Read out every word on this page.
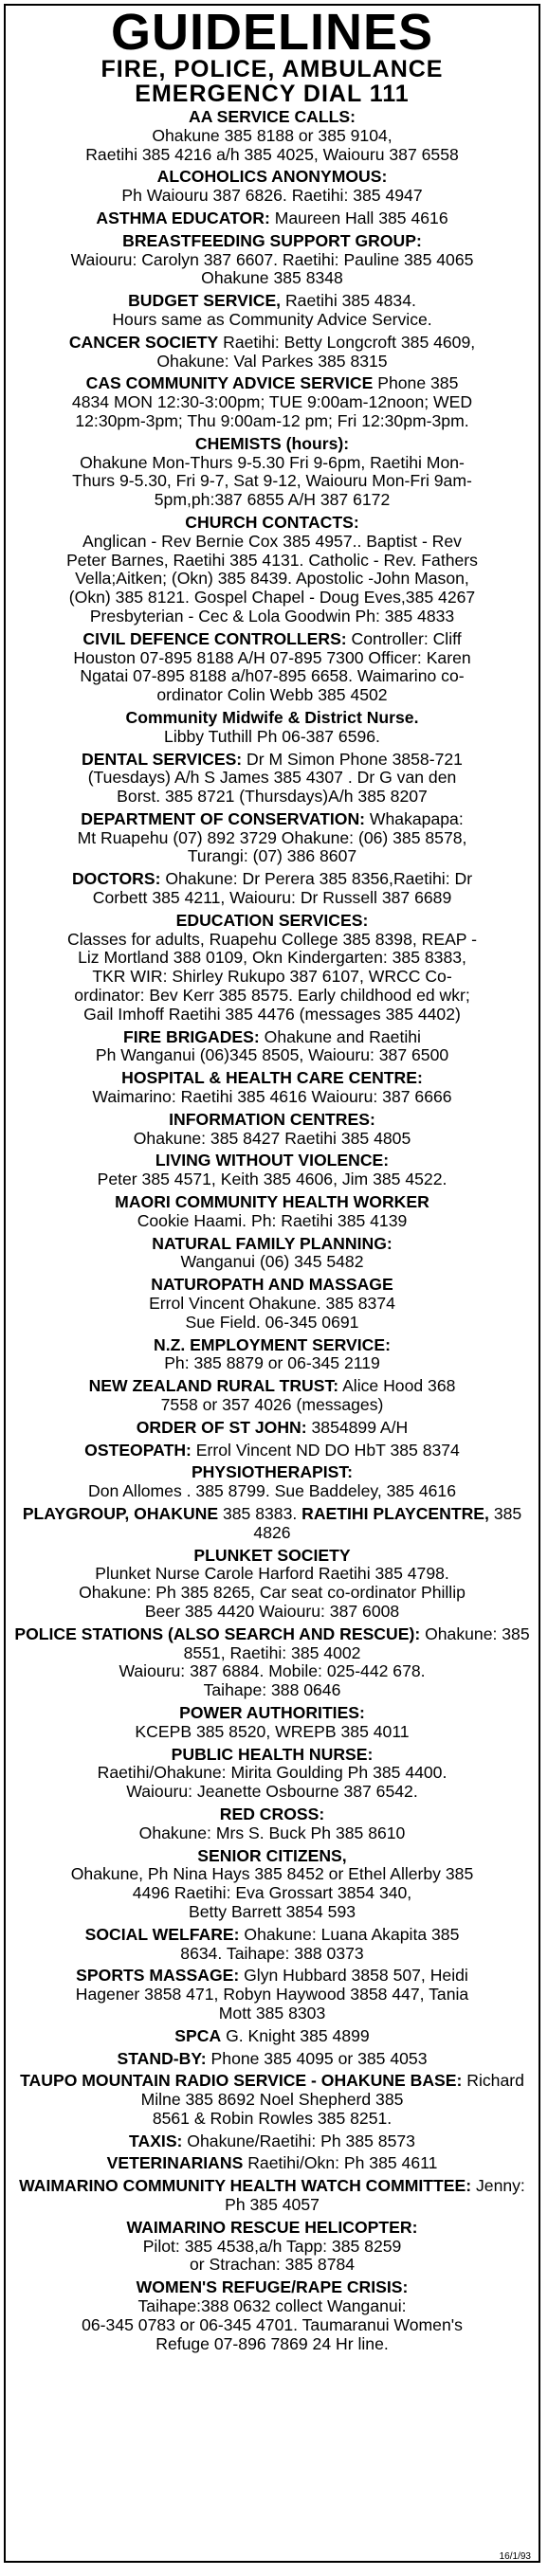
GUIDELINES
FIRE, POLICE, AMBULANCE
EMERGENCY DIAL 111
AA SERVICE CALLS:
Ohakune 385 8188 or 385 9104,
Raetihi 385 4216 a/h 385 4025, Waiouru 387 6558
ALCOHOLICS ANONYMOUS:
Ph Waiouru 387 6826. Raetihi: 385 4947
ASTHMA EDUCATOR: Maureen Hall 385 4616
BREASTFEEDING SUPPORT GROUP:
Waiouru: Carolyn 387 6607. Raetihi: Pauline 385 4065
Ohakune 385 8348
BUDGET SERVICE, Raetihi 385 4834.
Hours same as Community Advice Service.
CANCER SOCIETY Raetihi: Betty Longcroft 385 4609,
Ohakune: Val Parkes 385 8315
CAS COMMUNITY ADVICE SERVICE Phone 385
4834 MON 12:30-3:00pm; TUE 9:00am-12noon; WED
12:30pm-3pm; Thu 9:00am-12 pm; Fri 12:30pm-3pm.
CHEMISTS (hours):
Ohakune Mon-Thurs 9-5.30 Fri 9-6pm, Raetihi Mon-
Thurs 9-5.30, Fri 9-7, Sat 9-12, Waiouru Mon-Fri 9am-
5pm,ph:387 6855 A/H 387 6172
CHURCH CONTACTS:
Anglican - Rev Bernie Cox 385 4957.. Baptist - Rev
Peter Barnes, Raetihi 385 4131. Catholic - Rev. Fathers
Vella;Aitken; (Okn) 385 8439. Apostolic -John Mason,
(Okn) 385 8121. Gospel Chapel - Doug Eves,385 4267
Presbyterian - Cec & Lola Goodwin Ph: 385 4833
CIVIL DEFENCE CONTROLLERS: Controller: Cliff
Houston 07-895 8188 A/H 07-895 7300 Officer: Karen
Ngatai 07-895 8188 a/h07-895 6658. Waimarino co-
ordinator Colin Webb 385 4502
Community Midwife & District Nurse.
Libby Tuthill Ph 06-387 6596.
DENTAL SERVICES: Dr M Simon Phone 3858-721
(Tuesdays) A/h S James 385 4307 . Dr G van den
Borst. 385 8721 (Thursdays)A/h 385 8207
DEPARTMENT OF CONSERVATION: Whakapapa:
Mt Ruapehu (07) 892 3729 Ohakune: (06) 385 8578,
Turangi: (07) 386 8607
DOCTORS: Ohakune: Dr Perera 385 8356,Raetihi: Dr
Corbett 385 4211, Waiouru: Dr Russell 387 6689
EDUCATION SERVICES:
Classes for adults, Ruapehu College 385 8398, REAP -
Liz Mortland 388 0109, Okn Kindergarten: 385 8383,
TKR WIR: Shirley Rukupo 387 6107, WRCC Co-
ordinator: Bev Kerr 385 8575. Early childhood ed wkr;
Gail Imhoff Raetihi 385 4476 (messages 385 4402)
FIRE BRIGADES: Ohakune and Raetihi
Ph Wanganui (06)345 8505, Waiouru: 387 6500
HOSPITAL & HEALTH CARE CENTRE:
Waimarino: Raetihi 385 4616 Waiouru: 387 6666
INFORMATION CENTRES:
Ohakune: 385 8427 Raetihi 385 4805
LIVING WITHOUT VIOLENCE:
Peter 385 4571, Keith 385 4606, Jim 385 4522.
MAORI COMMUNITY HEALTH WORKER
Cookie Haami. Ph: Raetihi 385 4139
NATURAL FAMILY PLANNING:
Wanganui (06) 345 5482
NATUROPATH AND MASSAGE
Errol Vincent Ohakune. 385 8374
Sue Field. 06-345 0691
N.Z. EMPLOYMENT SERVICE:
Ph: 385 8879 or 06-345 2119
NEW ZEALAND RURAL TRUST: Alice Hood 368
7558 or 357 4026 (messages)
ORDER OF ST JOHN: 3854899 A/H
OSTEOPATH: Errol Vincent ND DO HbT 385 8374
PHYSIOTHERAPIST:
Don Allomes . 385 8799. Sue Baddeley, 385 4616
PLAYGROUP, OHAKUNE 385 8383. RAETIHI PLAYCENTRE, 385 4826
PLUNKET SOCIETY
Plunket Nurse Carole Harford Raetihi 385 4798.
Ohakune: Ph 385 8265, Car seat co-ordinator Phillip
Beer 385 4420 Waiouru: 387 6008
POLICE STATIONS (ALSO SEARCH AND RESCUE): Ohakune: 385 8551, Raetihi: 385 4002
Waiouru: 387 6884. Mobile: 025-442 678.
Taihape: 388 0646
POWER AUTHORITIES:
KCEPB 385 8520, WREPB 385 4011
PUBLIC HEALTH NURSE:
Raetihi/Ohakune: Mirita Goulding Ph 385 4400.
Waiouru: Jeanette Osbourne 387 6542.
RED CROSS:
Ohakune: Mrs S. Buck Ph 385 8610
SENIOR CITIZENS,
Ohakune, Ph Nina Hays 385 8452 or Ethel Allerby 385
4496 Raetihi: Eva Grossart 3854 340,
Betty Barrett 3854 593
SOCIAL WELFARE: Ohakune: Luana Akapita 385
8634. Taihape: 388 0373
SPORTS MASSAGE: Glyn Hubbard 3858 507, Heidi
Hagener 3858 471, Robyn Haywood 3858 447, Tania
Mott 385 8303
SPCA G. Knight 385 4899
STAND-BY: Phone 385 4095 or 385 4053
TAUPO MOUNTAIN RADIO SERVICE - OHAKUNE BASE: Richard Milne 385 8692 Noel Shepherd 385
8561 & Robin Rowles 385 8251.
TAXIS: Ohakune/Raetihi: Ph 385 8573
VETERINARIANS Raetihi/Okn: Ph 385 4611
WAIMARINO COMMUNITY HEALTH WATCH COMMITTEE: Jenny: Ph 385 4057
WAIMARINO RESCUE HELICOPTER:
Pilot: 385 4538,a/h Tapp: 385 8259
or Strachan: 385 8784
WOMEN'S REFUGE/RAPE CRISIS:
Taihape:388 0632 collect Wanganui:
06-345 0783 or 06-345 4701. Taumaranui Women's
Refuge 07-896 7869 24 Hr line.
16/1/93
